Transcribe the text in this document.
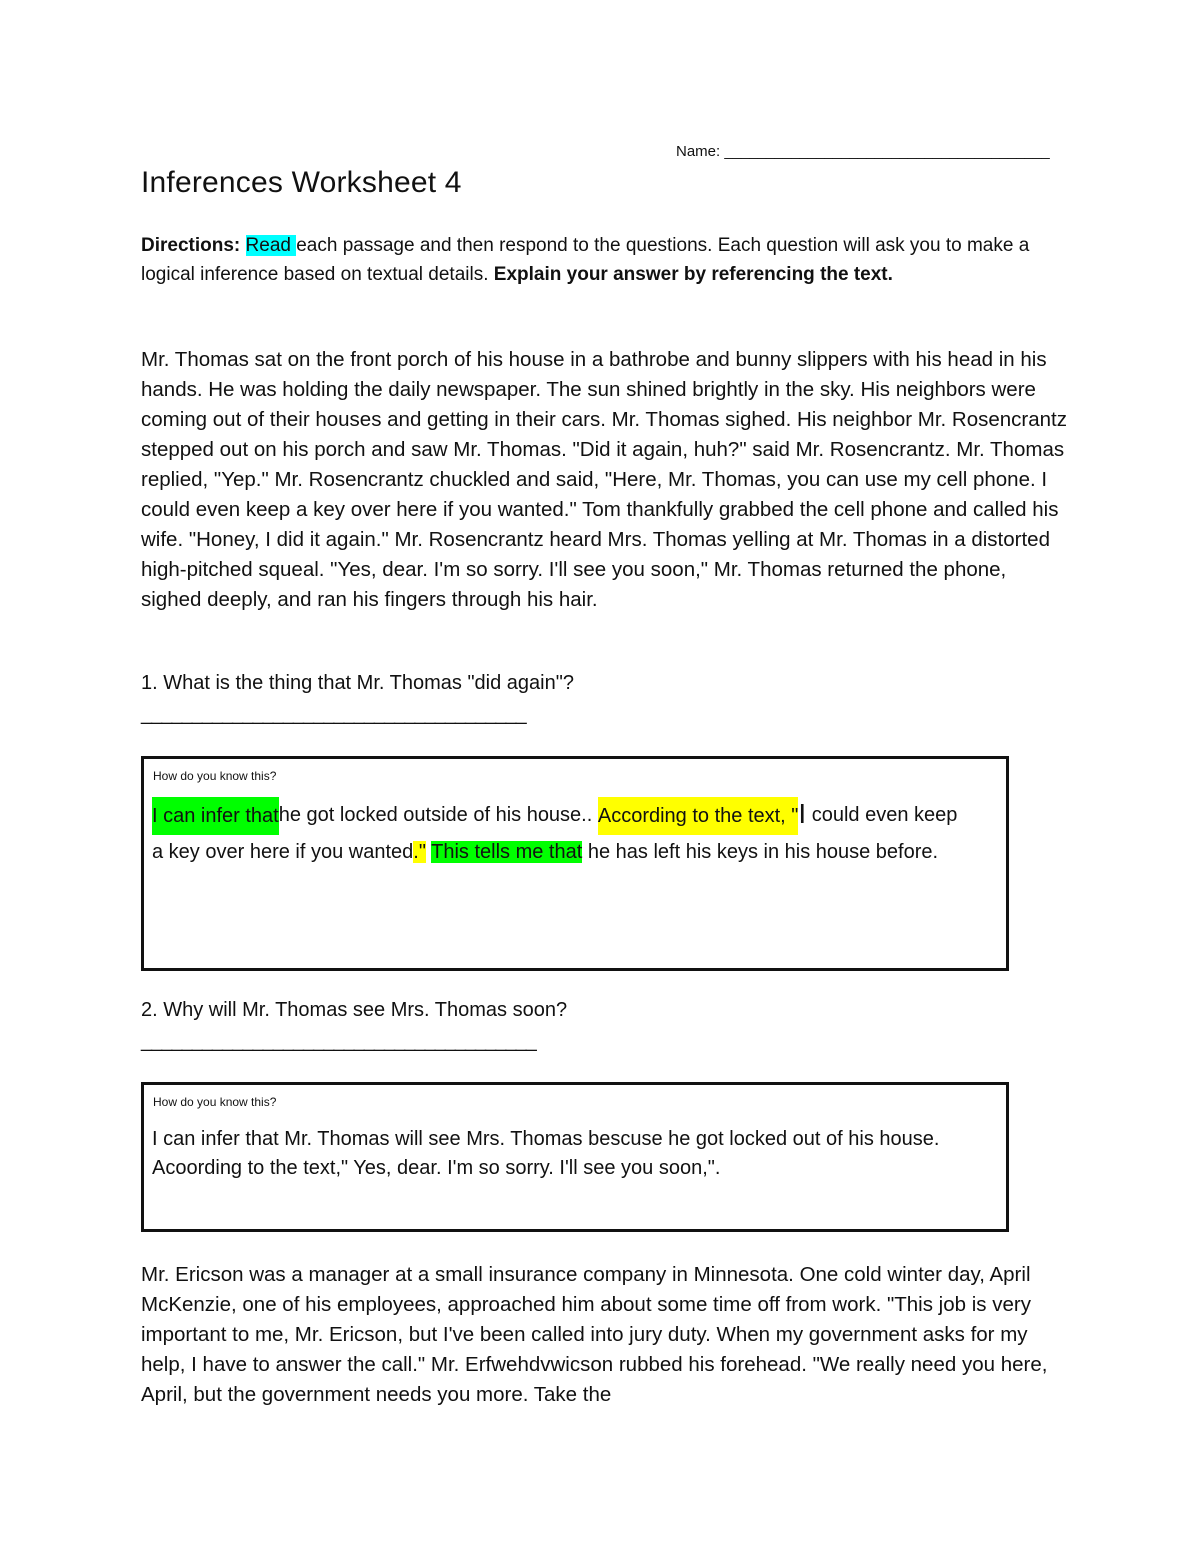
Name: _______________________________________
Inferences Worksheet 4

Directions: Read each passage and then respond to the questions. Each question will ask you to make a logical inference based on textual details. Explain your answer by referencing the text.

Mr. Thomas sat on the front porch of his house in a bathrobe and bunny slippers with his head in his hands. He was holding the daily newspaper. The sun shined brightly in the sky. His neighbors were coming out of their houses and getting in their cars. Mr. Thomas sighed. His neighbor Mr. Rosencrantz stepped out on his porch and saw Mr. Thomas. "Did it again, huh?" said Mr. Rosencrantz. Mr. Thomas replied, "Yep." Mr. Rosencrantz chuckled and said, "Here, Mr. Thomas, you can use my cell phone. I could even keep a key over here if you wanted." Tom thankfully grabbed the cell phone and called his wife. "Honey, I did it again." Mr. Rosencrantz heard Mrs. Thomas yelling at Mr. Thomas in a distorted high-pitched squeal. "Yes, dear. I'm so sorry. I'll see you soon," Mr. Thomas returned the phone, sighed deeply, and ran his fingers through his hair.

1. What is the thing that Mr. Thomas "did again"?

______________________________________
How do you know this?
I can infer thathe got locked outside of his house.. According to the text, "I could even keep a key over here if you wanted." This tells me that he has left his keys in his house before.

2. Why will Mr. Thomas see Mrs. Thomas soon?

_______________________________________
How do you know this?
I can infer that Mr. Thomas will see Mrs. Thomas bescuse he got locked out of his house. Acoording to the text," Yes, dear. I'm so sorry. I'll see you soon,".

Mr. Ericson was a manager at a small insurance company in Minnesota. One cold winter day, April McKenzie, one of his employees, approached him about some time off from work. "This job is very important to me, Mr. Ericson, but I've been called into jury duty. When my government asks for my help, I have to answer the call." Mr. Erfwehdvwicson rubbed his forehead. "We really need you here, April, but the government needs you more. Take the
